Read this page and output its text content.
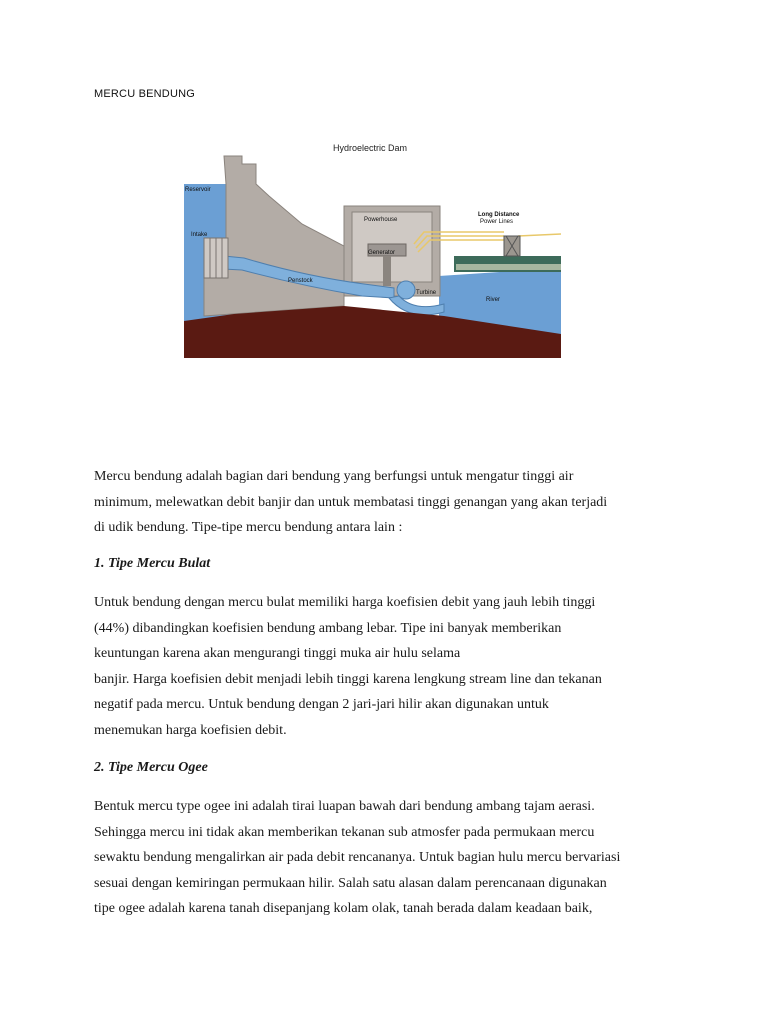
MERCU BENDUNG
Hydroelectric Dam
Reservoir
Intake
Powerhouse
Generator
Penstock
Turbine
River
Long Distance
Power Lines

Mercu bendung adalah bagian dari bendung yang berfungsi untuk mengatur tinggi air
minimum, melewatkan debit banjir dan untuk membatasi tinggi genangan yang akan terjadi
di udik bendung. Tipe-tipe mercu bendung antara lain :

1. Tipe Mercu Bulat

Untuk bendung dengan mercu bulat memiliki harga koefisien debit yang jauh lebih tinggi
(44%) dibandingkan koefisien bendung ambang lebar. Tipe ini banyak memberikan
keuntungan karena akan mengurangi tinggi muka air hulu selama
banjir. Harga koefisien debit menjadi lebih tinggi karena lengkung stream line dan tekanan
negatif pada mercu. Untuk bendung dengan 2 jari-jari hilir akan digunakan untuk
menemukan harga koefisien debit.

2. Tipe Mercu Ogee

Bentuk mercu type ogee ini adalah tirai luapan bawah dari bendung ambang tajam aerasi.
Sehingga mercu ini tidak akan memberikan tekanan sub atmosfer pada permukaan mercu
sewaktu bendung mengalirkan air pada debit rencananya. Untuk bagian hulu mercu bervariasi
sesuai dengan kemiringan permukaan hilir. Salah satu alasan dalam perencanaan digunakan
tipe ogee adalah karena tanah disepanjang kolam olak, tanah berada dalam keadaan baik,
